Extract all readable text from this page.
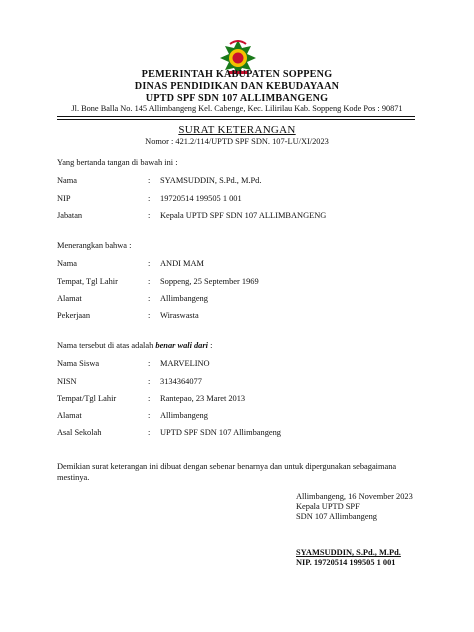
PEMERINTAH KABUPATEN SOPPENG
DINAS PENDIDIKAN DAN KEBUDAYAAN
UPTD SPF SDN 107 ALLIMBANGENG
Jl. Bone Balla No. 145 Allimbangeng Kel. Cabenge, Kec. Lilirilau Kab. Soppeng Kode Pos : 90871
SURAT KETERANGAN
Nomor : 421.2/114/UPTD SPF SDN. 107-LU/XI/2023
Yang bertanda tangan di bawah ini :
Nama	: SYAMSUDDIN, S.Pd., M.Pd.
NIP	: 19720514 199505 1 001
Jabatan	: Kepala UPTD SPF SDN 107 ALLIMBANGENG
Menerangkan bahwa :
Nama	: ANDI MAM
Tempat, Tgl Lahir	: Soppeng, 25 September 1969
Alamat	: Allimbangeng
Pekerjaan	: Wiraswasta
Nama tersebut di atas adalah benar wali dari :
Nama Siswa	: MARVELINO
NISN	: 3134364077
Tempat/Tgl Lahir	: Rantepao, 23 Maret 2013
Alamat	: Allimbangeng
Asal Sekolah	: UPTD SPF SDN 107 Allimbangeng
Demikian surat keterangan ini dibuat dengan sebenar benarnya dan untuk dipergunakan sebagaimana mestinya.
Allimbangeng, 16 November 2023
Kepala UPTD SPF
SDN 107 Allimbangeng
SYAMSUDDIN, S.Pd., M.Pd.
NIP. 19720514 199505 1 001
